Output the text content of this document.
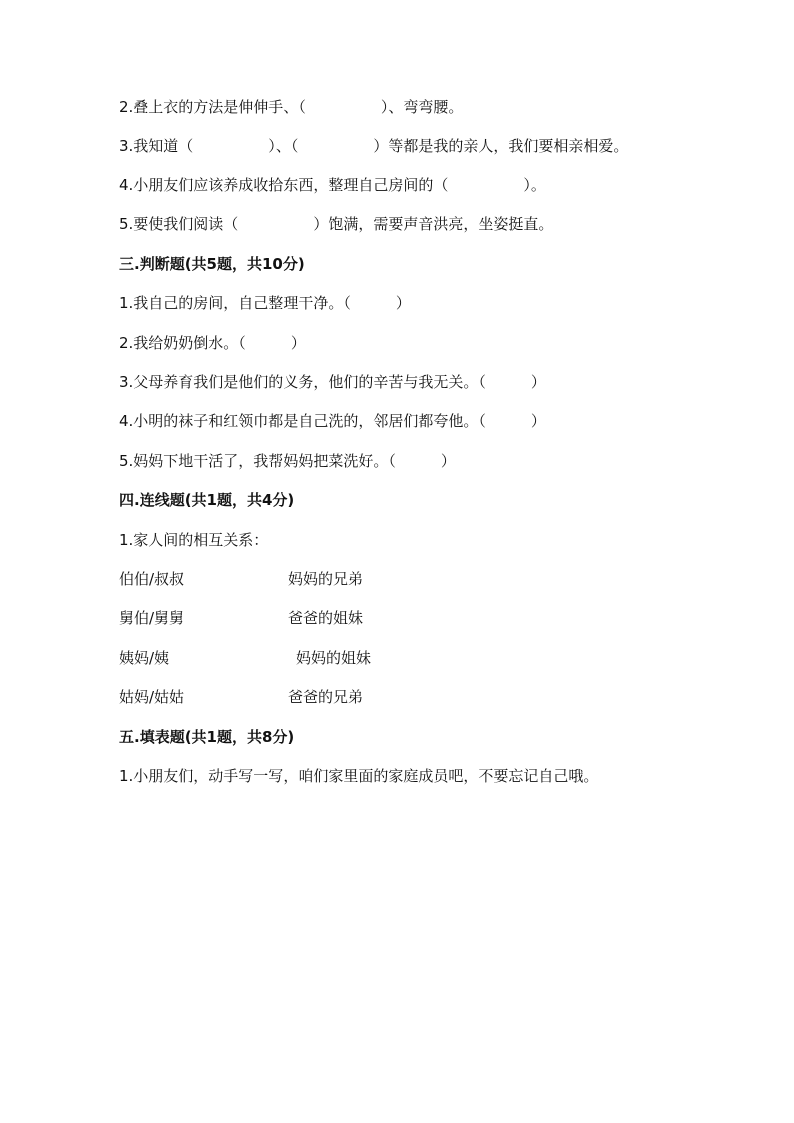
2.叠上衣的方法是伸伸手、（　　　　　）、弯弯腰。
3.我知道（　　　　　）、（　　　　　）等都是我的亲人，我们要相亲相爱。
4.小朋友们应该养成收拾东西，整理自己房间的（　　　　　）。
5.要使我们阅读（　　　　　）饱满，需要声音洪亮，坐姿挺直。
三.判断题(共5题，共10分)
1.我自己的房间，自己整理干净。（　　　）
2.我给奶奶倒水。（　　　）
3.父母养育我们是他们的义务，他们的辛苦与我无关。（　　　）
4.小明的袜子和红领巾都是自己洗的，邻居们都夸他。（　　　）
5.妈妈下地干活了，我帮妈妈把菜洗好。（　　　）
四.连线题(共1题，共4分)
1.家人间的相互关系：
伯伯/叔叔	妈妈的兄弟
舅伯/舅舅	爸爸的姐妹
姨妈/姨	妈妈的姐妹
姑妈/姑姑	爸爸的兄弟
五.填表题(共1题，共8分)
1.小朋友们，动手写一写，咱们家里面的家庭成员吧，不要忘记自己哦。
